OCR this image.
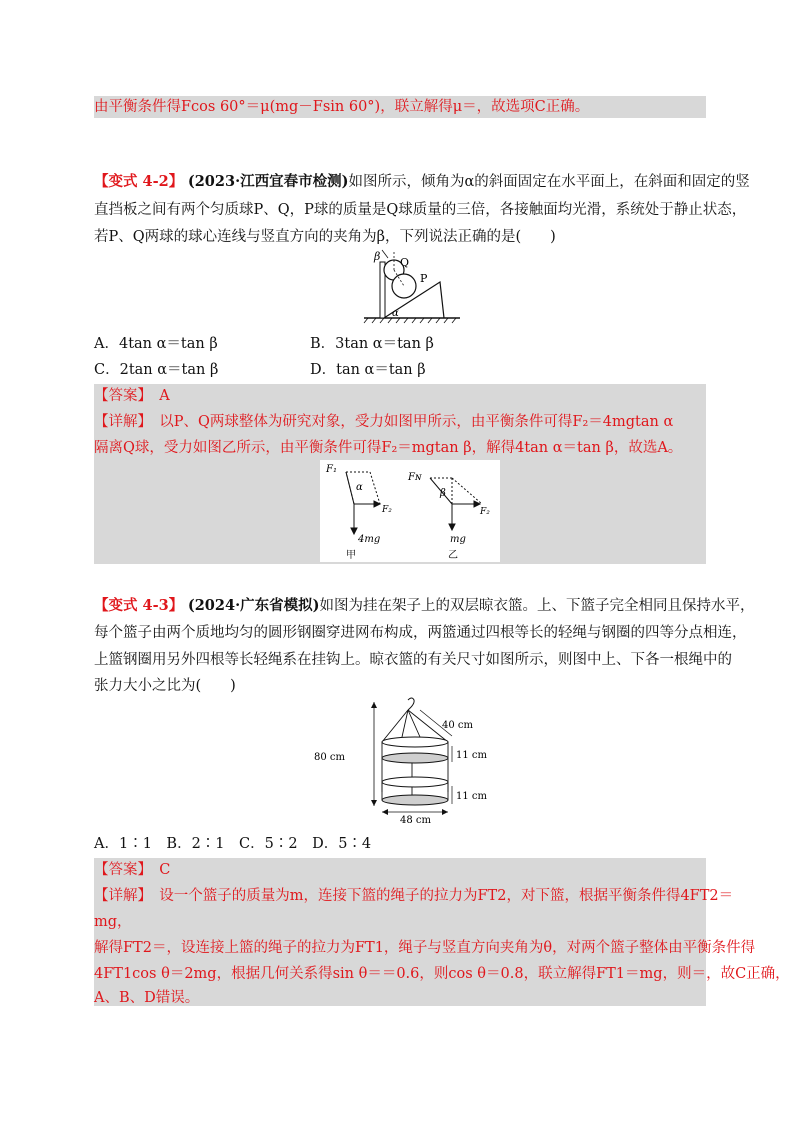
由平衡条件得Fcos 60°＝μ(mg－Fsin 60°)，联立解得μ＝，故选项C正确。
【变式 4-2】 (2023·江西宜春市检测)如图所示，倾角为α的斜面固定在水平面上，在斜面和固定的竖
直挡板之间有两个匀质球P、Q，P球的质量是Q球质量的三倍，各接触面均光滑，系统处于静止状态，
若P、Q两球的球心连线与竖直方向的夹角为β，下列说法正确的是(　　)
β Q
P
α
A．4tan α＝tan β	B．3tan α＝tan β
C．2tan α＝tan β	D．tan α＝tan β
【答案】　 A
【详解】　 以P、Q两球整体为研究对象，受力如图甲所示，由平衡条件可得F₂＝4mgtan α
隔离Q球，受力如图乙所示，由平衡条件可得F₂＝mgtan β，解得4tan α＝tan β，故选A。
F₁
α
F₂
4mg
甲
Fɴ
β
F₂
mg
乙
【变式 4-3】 (2024·广东省模拟)如图为挂在架子上的双层晾衣篮。上、下篮子完全相同且保持水平，
每个篮子由两个质地均匀的圆形钢圈穿进网布构成，两篮通过四根等长的轻绳与钢圈的四等分点相连，
上篮钢圈用另外四根等长轻绳系在挂钩上。晾衣篮的有关尺寸如图所示，则图中上、下各一根绳中的
张力大小之比为(　　)
40 cm
11 cm
80 cm
11 cm
48 cm
A．1∶1　B．2∶1　C．5∶2　D．5∶4
【答案】　 C
【详解】　 设一个篮子的质量为m，连接下篮的绳子的拉力为FT2，对下篮，根据平衡条件得4FT2＝
mg，
解得FT2＝，设连接上篮的绳子的拉力为FT1，绳子与竖直方向夹角为θ，对两个篮子整体由平衡条件得
4FT1cos θ＝2mg，根据几何关系得sin θ＝＝0.6，则cos θ＝0.8，联立解得FT1＝mg，则＝，故C正确，
A、B、D错误。
